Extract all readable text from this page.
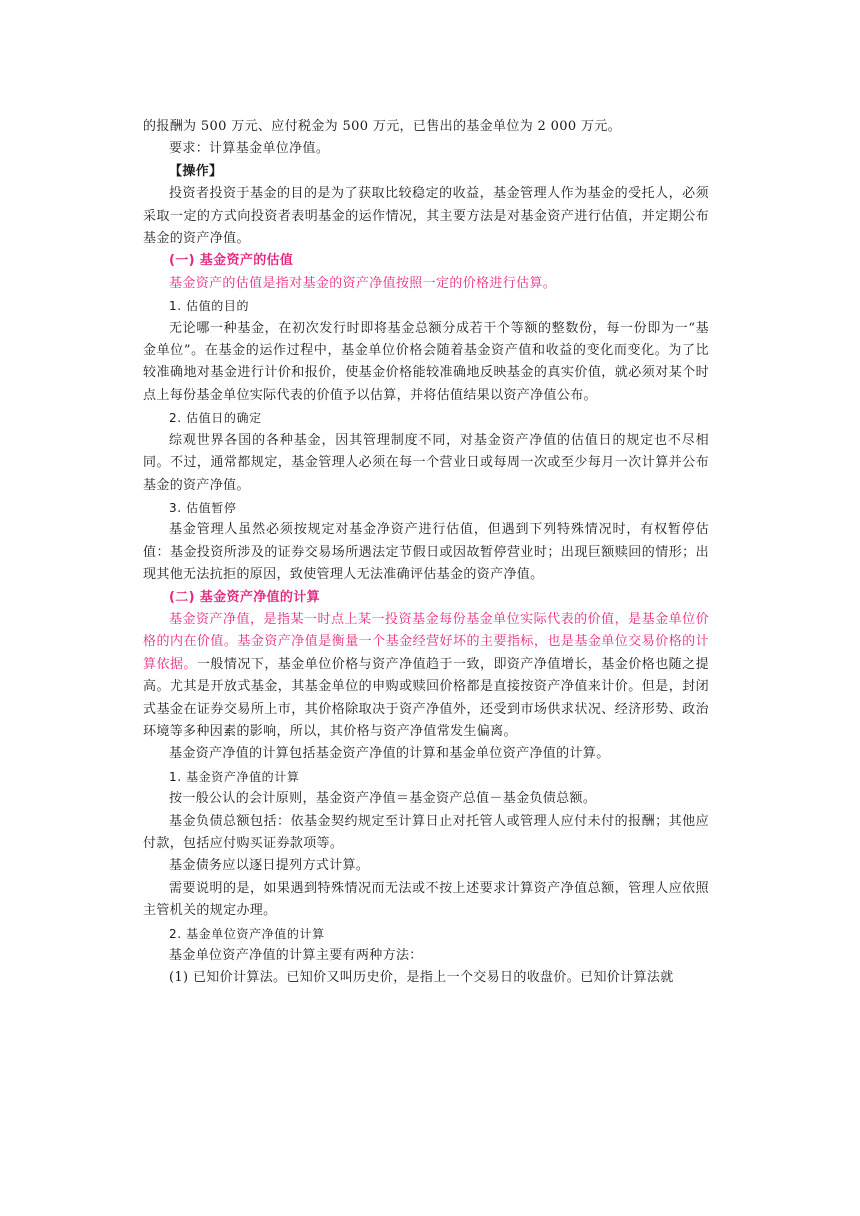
的报酬为 500 万元、应付税金为 500 万元，已售出的基金单位为 2 000 万元。

要求：计算基金单位净值。

【操作】

投资者投资于基金的目的是为了获取比较稳定的收益，基金管理人作为基金的受托人，必须采取一定的方式向投资者表明基金的运作情况，其主要方法是对基金资产进行估值，并定期公布基金的资产净值。

(一) 基金资产的估值

基金资产的估值是指对基金的资产净值按照一定的价格进行估算。

1. 估值的目的

无论哪一种基金，在初次发行时即将基金总额分成若干个等额的整数份，每一份即为一“基金单位”。在基金的运作过程中，基金单位价格会随着基金资产值和收益的变化而变化。为了比较准确地对基金进行计价和报价，使基金价格能较准确地反映基金的真实价值，就必须对某个时点上每份基金单位实际代表的价值予以估算，并将估值结果以资产净值公布。

2. 估值日的确定

综观世界各国的各种基金，因其管理制度不同，对基金资产净值的估值日的规定也不尽相同。不过，通常都规定，基金管理人必须在每一个营业日或每周一次或至少每月一次计算并公布基金的资产净值。

3. 估值暂停

基金管理人虽然必须按规定对基金净资产进行估值，但遇到下列特殊情况时，有权暂停估值：基金投资所涉及的证券交易场所遇法定节假日或因故暂停营业时；出现巨额赎回的情形；出现其他无法抗拒的原因，致使管理人无法准确评估基金的资产净值。

(二) 基金资产净值的计算

基金资产净值，是指某一时点上某一投资基金每份基金单位实际代表的价值，是基金单位价格的内在价值。基金资产净值是衡量一个基金经营好坏的主要指标，也是基金单位交易价格的计算依据。一般情况下，基金单位价格与资产净值趋于一致，即资产净值增长，基金价格也随之提高。尤其是开放式基金，其基金单位的申购或赎回价格都是直接按资产净值来计价。但是，封闭式基金在证券交易所上市，其价格除取决于资产净值外，还受到市场供求状况、经济形势、政治环境等多种因素的影响，所以，其价格与资产净值常发生偏离。

基金资产净值的计算包括基金资产净值的计算和基金单位资产净值的计算。

1. 基金资产净值的计算

按一般公认的会计原则，基金资产净值＝基金资产总值－基金负债总额。

基金负债总额包括：依基金契约规定至计算日止对托管人或管理人应付未付的报酬；其他应付款，包括应付购买证券款项等。

基金债务应以逐日提列方式计算。

需要说明的是，如果遇到特殊情况而无法或不按上述要求计算资产净值总额，管理人应依照主管机关的规定办理。

2. 基金单位资产净值的计算

基金单位资产净值的计算主要有两种方法：

(1) 已知价计算法。已知价又叫历史价，是指上一个交易日的收盘价。已知价计算法就
